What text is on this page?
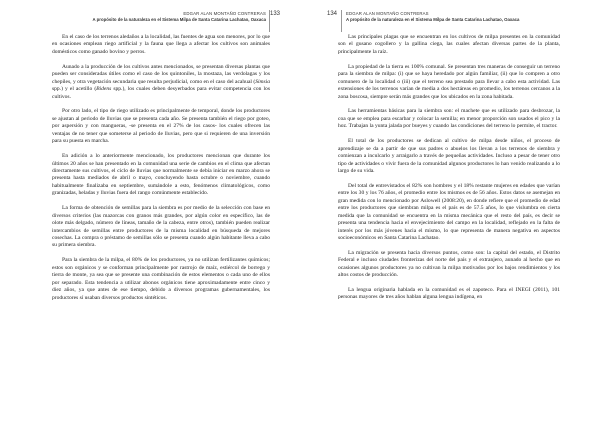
EDGAR ALAN MONTAÑO CONTRERAS
A propósito de la naturaleza en el Sistema Milpa de Santa Catarina Lachatao, Oaxaca
133

En el caso de los terrenos aledaños a la localidad, las fuentes de agua son menores, por lo que en ocasiones emplean riego artificial y la fauna que llega a afectar los cultivos son animales domésticos como ganado bovino y perros.

Aunado a la producción de los cultivos antes mencionados, se presentan diversas plantas que pueden ser consideradas útiles como el caso de los quintoniles, la mostaza, las verdolagas y los chepiles, y otra vegetación secundaria que resulta perjudicial, como en el caso del acahual (Simsia spp.) y el acetillo (Bidens spp.), los cuales deben desyerbados para evitar competencia con los cultivos.

Por otro lado, el tipo de riego utilizado es principalmente de temporal, donde los productores se ajustan al periodo de lluvias que se presenta cada año. Se presenta también el riego por goteo, por aspersión y con mangueras, -se presenta en el 27% de los casos- los cuales ofrecen las ventajas de no tener que someterse al periodo de lluvias, pero que si requieren de una inversión para su puesta en marcha.

En adición a lo anteriormente mencionado, los productores mencionan que durante los últimos 20 años se han presentado en la comunidad una serie de cambios en el clima que afectan directamente sus cultivos, el ciclo de lluvias que normalmente se debía iniciar en marzo ahora se presenta hasta mediados de abril o mayo, concluyendo hasta octubre o noviembre, cuando habitualmente finalizaba en septiembre, sumándole a esto, fenómenos climatológicos, como granizadas, heladas y lluvias fuera del rango comúnmente establecido.

La forma de obtención de semillas para la siembra es por medio de la selección con base en diversos criterios (las mazorcas con granos más grandes, por algún color en específico, las de olote más delgado, número de líneas, tamaño de la cabeza, entre otros), también pueden realizar intercambios de semillas entre productores de la misma localidad en búsqueda de mejores cosechas. La compra o préstamo de semillas sólo se presenta cuando algún habitante lleva a cabo su primera siembra.

Para la siembra de la milpa, el 80% de los productores, ya no utilizan fertilizantes químicos; estos son orgánicos y se conforman principalmente por rastrojo de maíz, estiércol de borrego y tierra de monte, ya sea que se presente una combinación de estos elementos o cada uno de ellos por separado. Esta tendencia a utilizar abonos orgánicos tiene aproximadamente entre cinco y diez años, ya que antes de ese tiempo, debido a diversos programas gubernamentales, los productores sí usaban diversos productos sintéticos.

134 EDGAR ALAN MONTAÑO CONTRERAS
A propósito de la naturaleza en el Sistema Milpa de Santa Catarina Lachatao, Oaxaca

Las principales plagas que se encuentran en los cultivos de milpa presentes en la comunidad son el gusano cogollero y la gallina ciega, las cuales afectan diversas partes de la planta, principalmente la raíz.

La propiedad de la tierra es 100% comunal. Se presentan tres maneras de conseguir un terreno para la siembra de milpa: (i) que se haya heredado por algún familiar, (ii) que lo compren a otro comunero de la localidad o (iii) que el terreno sea prestado para llevar a cabo esta actividad. Las extensiones de los terrenos varían de media a dos hectáreas en promedio, los terrenos cercanos a la zona boscosa, siempre serán más grandes que los ubicados en la zona habitada.

Las herramientas básicas para la siembra son: el machete que es utilizado para desbrozar, la coa que se emplea para escarbar y colocar la semilla; en menor proporción son usados el pico y la hoz. Trabajan la yunta jalada por bueyes y cuando las condiciones del terreno lo permite, el tractor.

El total de los productores se dedican al cultivo de milpa desde niños, el proceso de aprendizaje se da a partir de que sus padres o abuelos los llevan a los terrenos de siembra y comienzan a inculcarlo y arraigarlo a través de pequeñas actividades. Incluso a pesar de tener otro tipo de actividades o vivir fuera de la comunidad algunos productores lo han venido realizando a lo largo de su vida.

Del total de entrevistados el 82% son hombres y el 18% restante mujeres en edades que varían entre los 30 y los 76 años, el promedio entre los mismos es de 56 años. Estos datos se asemejan en gran medida con lo mencionado por Aslowell (2008:20), en donde refiere que el promedio de edad entre los productores que siembran milpa es el país es de 57.5 años, lo que vislumbra en cierta medida que la comunidad se encuentra en la misma mecánica que el resto del país, es decir se presenta una tendencia hacia el envejecimiento del campo en la localidad, reflejado en la falta de interés por los más jóvenes hacia el mismo, lo que representa de manera negativa en aspectos socioeconómicos en Santa Catarina Lachatao.

La migración se presenta hacia diversos puntos, como son: la capital del estado, el Distrito Federal e incluso ciudades fronterizas del norte del país y el extranjero, aunado al hecho que en ocasiones algunos productores ya no cultivan la milpa motivados por los bajos rendimientos y los altos costos de producción.

La lengua originaria hablada en la comunidad es el zapoteco. Para el INEGI (2011), 101 personas mayores de tres años hablan alguna lengua indígena, en
